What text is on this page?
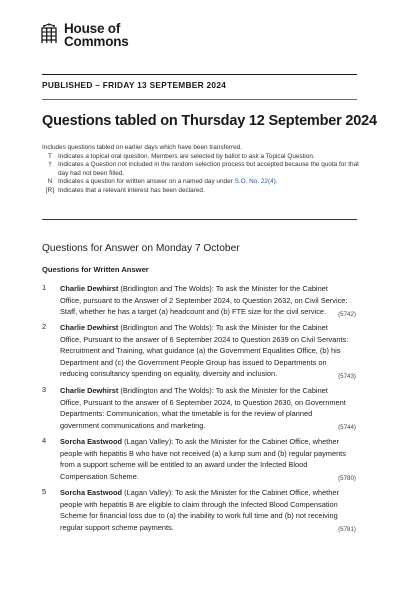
House of
Commons
PUBLISHED – FRIDAY 13 SEPTEMBER 2024
Questions tabled on Thursday 12 September 2024
Includes questions tabled on earlier days which have been transferred.
T Indicates a topical oral question. Members are selected by ballot to ask a Topical Question.
† Indicates a Question not included in the random selection process but accepted because the quota for that day had not been filled.
N Indicates a question for written answer on a named day under S.O. No. 22(4).
[R] Indicates that a relevant interest has been declared.
Questions for Answer on Monday 7 October
Questions for Written Answer
1 Charlie Dewhirst (Bridlington and The Wolds): To ask the Minister for the Cabinet Office, pursuant to the Answer of 2 September 2024, to Question 2632, on Civil Service: Staff, whether he has a target (a) headcount and (b) FTE size for the civil service.	(5742)
2 Charlie Dewhirst (Bridlington and The Wolds): To ask the Minister for the Cabinet Office, Pursuant to the answer of 6 September 2024 to Question 2639 on Civil Servants: Recruitment and Training, what guidance (a) the Government Equalities Office, (b) his Department and (c) the Government People Group has issued to Departments on reducing consultancy spending on equality, diversity and inclusion.	(5743)
3 Charlie Dewhirst (Bridlington and The Wolds): To ask the Minister for the Cabinet Office, Pursuant to the answer of 6 September 2024, to Question 2630, on Government Departments: Communication, what the timetable is for the review of planned government communications and marketing.	(5744)
4 Sorcha Eastwood (Lagan Valley): To ask the Minister for the Cabinet Office, whether people with hepatitis B who have not received (a) a lump sum and (b) regular payments from a support scheme will be entitled to an award under the Infected Blood Compensation Scheme.	(5780)
5 Sorcha Eastwood (Lagan Valley): To ask the Minister for the Cabinet Office, whether people with hepatitis B are eligible to claim through the Infected Blood Compensation Scheme for financial loss due to (a) the inability to work full time and (b) not receiving regular support scheme payments.	(5781)
